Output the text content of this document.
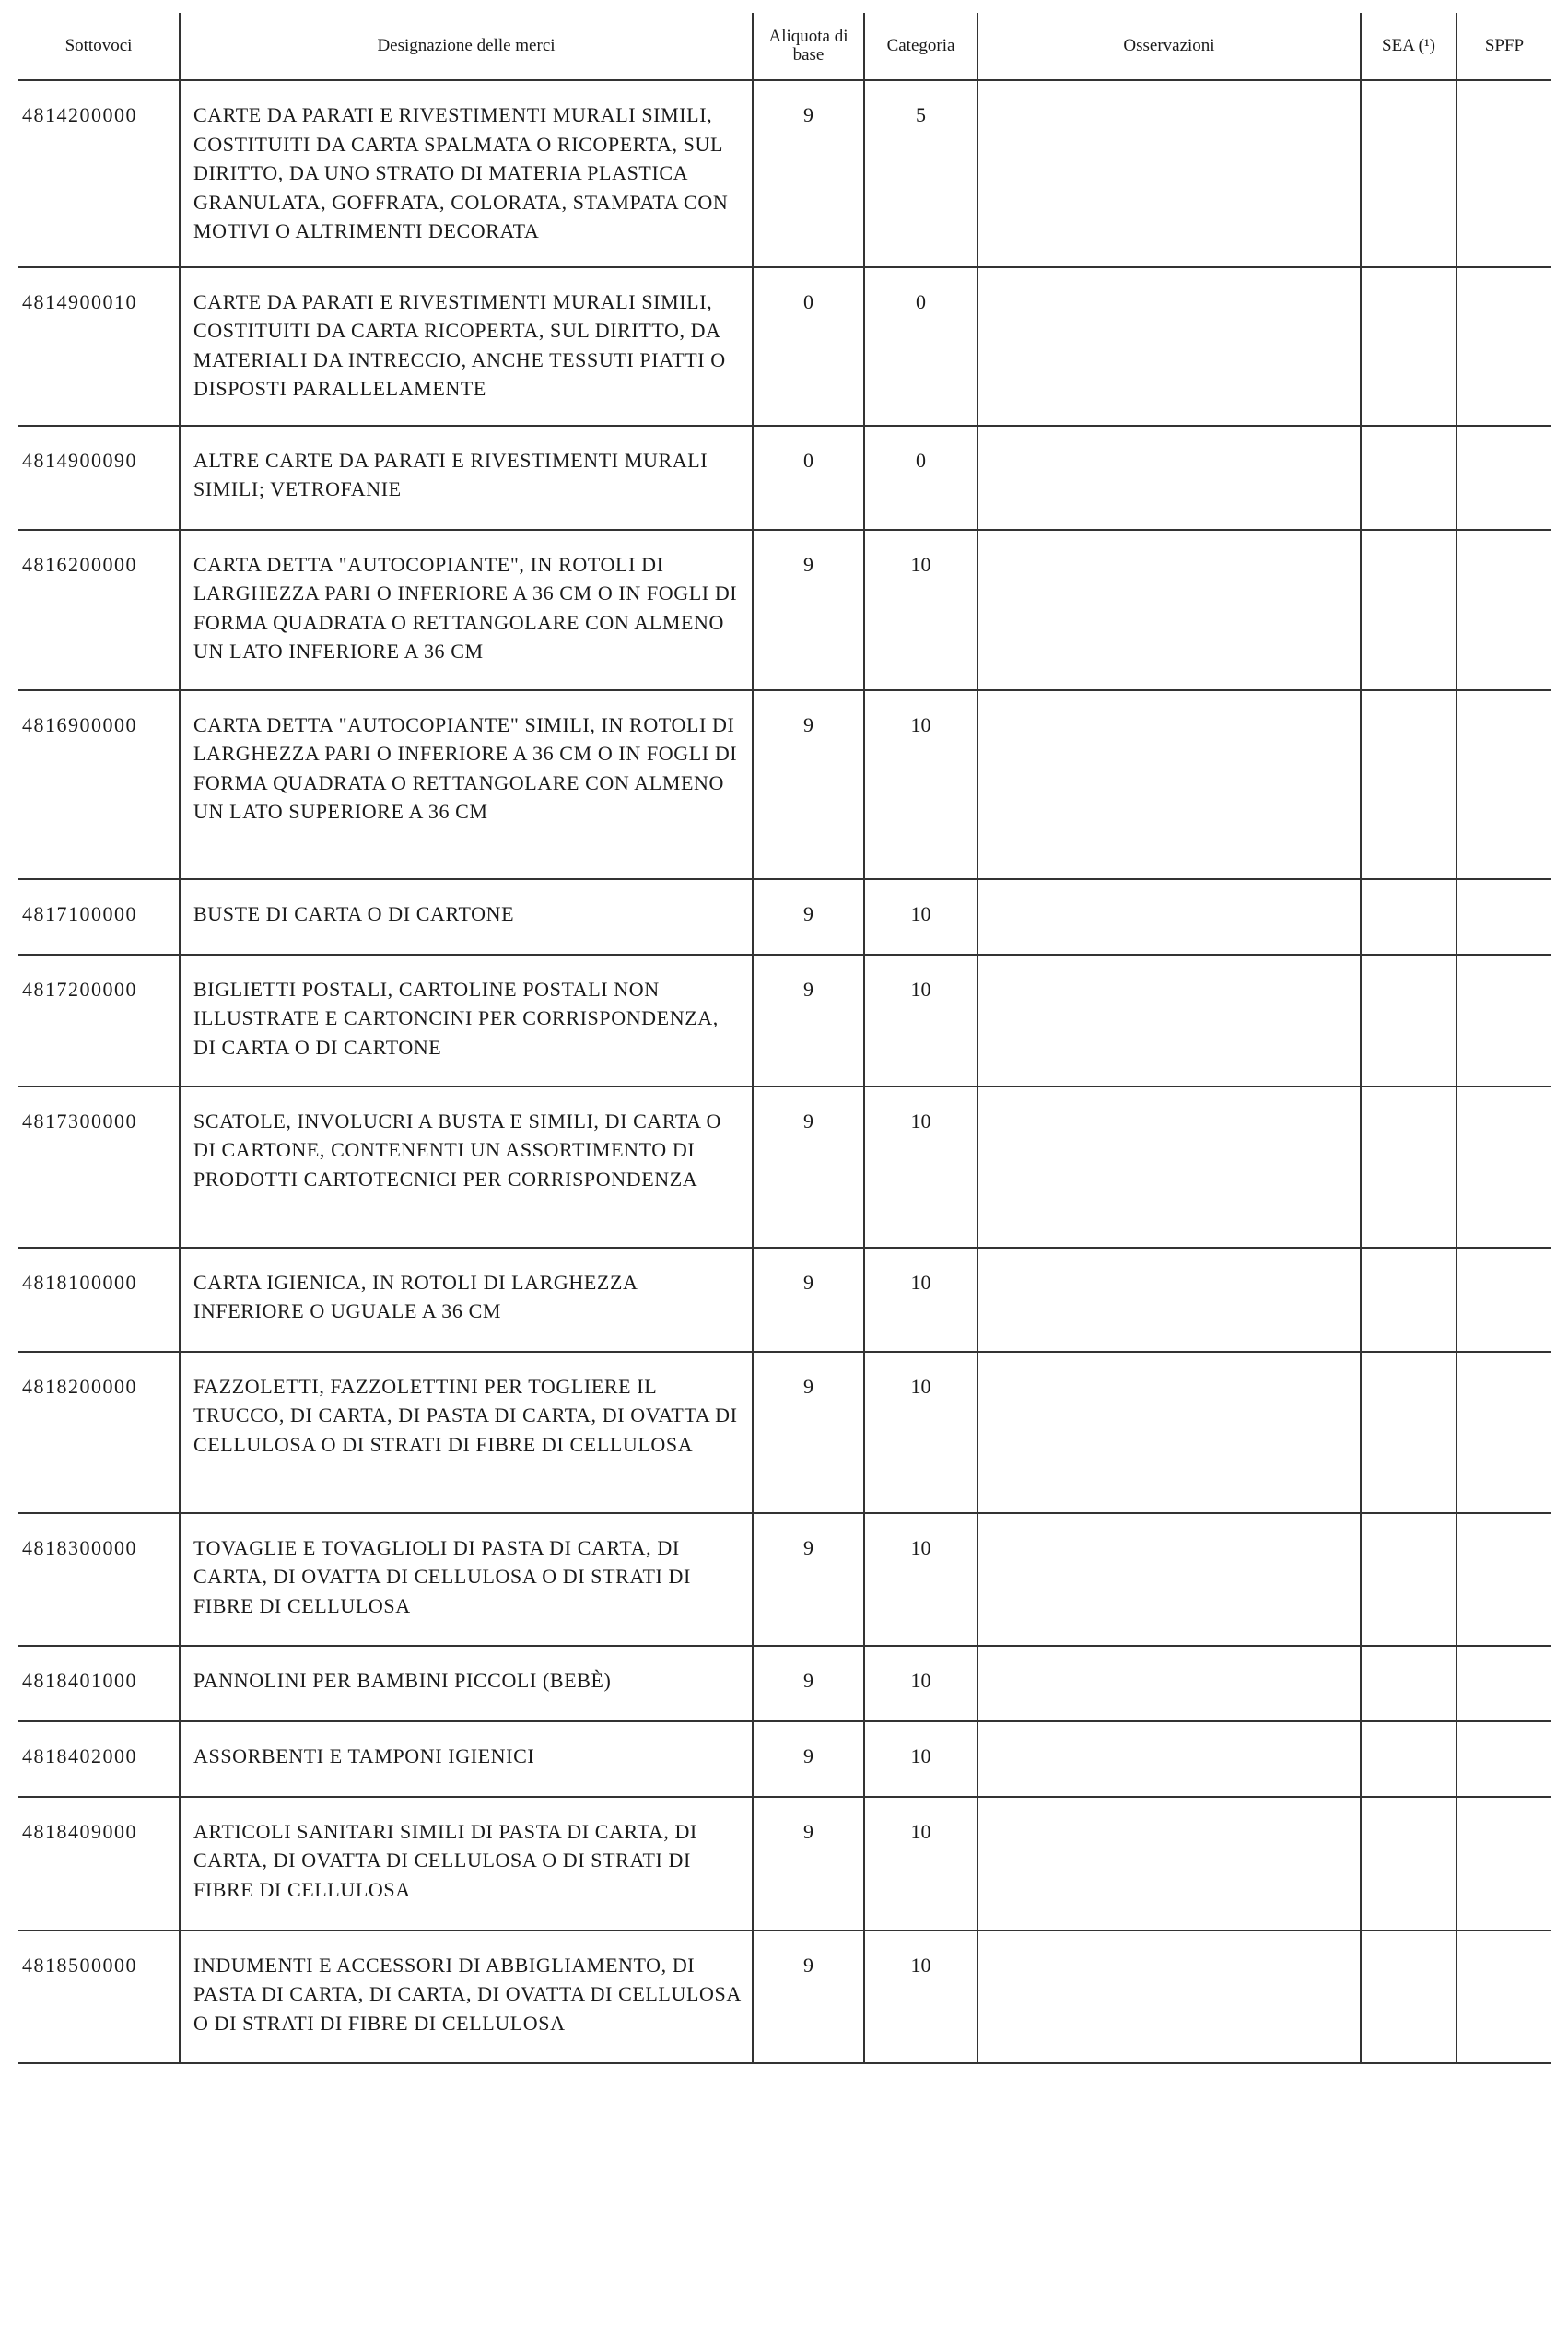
Sottovoci	Designazione delle merci	Aliquota di base	Categoria	Osservazioni	SEA (¹)	SPFP
4814200000	CARTE DA PARATI E RIVESTIMENTI MURALI SIMILI, COSTITUITI DA CARTA SPALMATA O RICOPERTA, SUL DIRITTO, DA UNO STRATO DI MATERIA PLASTICA GRANULATA, GOFFRATA, COLORATA, STAMPATA CON MOTIVI O ALTRIMENTI DECORATA	9	5			
4814900010	CARTE DA PARATI E RIVESTIMENTI MURALI SIMILI, COSTITUITI DA CARTA RICOPERTA, SUL DIRITTO, DA MATERIALI DA INTRECCIO, ANCHE TESSUTI PIATTI O DISPOSTI PARALLELAMENTE	0	0			
4814900090	ALTRE CARTE DA PARATI E RIVESTIMENTI MURALI SIMILI; VETROFANIE	0	0			
4816200000	CARTA DETTA "AUTOCOPIANTE", IN ROTOLI DI LARGHEZZA PARI O INFERIORE A 36 CM O IN FOGLI DI FORMA QUADRATA O RETTANGOLARE CON ALMENO UN LATO INFERIORE A 36 CM	9	10			
4816900000	CARTA DETTA "AUTOCOPIANTE" SIMILI, IN ROTOLI DI LARGHEZZA PARI O INFERIORE A 36 CM O IN FOGLI DI FORMA QUADRATA O RETTANGOLARE CON ALMENO UN LATO SUPERIORE A 36 CM	9	10			
4817100000	BUSTE DI CARTA O DI CARTONE	9	10			
4817200000	BIGLIETTI POSTALI, CARTOLINE POSTALI NON ILLUSTRATE E CARTONCINI PER CORRISPONDENZA, DI CARTA O DI CARTONE	9	10			
4817300000	SCATOLE, INVOLUCRI A BUSTA E SIMILI, DI CARTA O DI CARTONE, CONTENENTI UN ASSORTIMENTO DI PRODOTTI CARTOTECNICI PER CORRISPONDENZA	9	10			
4818100000	CARTA IGIENICA, IN ROTOLI DI LARGHEZZA INFERIORE O UGUALE A 36 CM	9	10			
4818200000	FAZZOLETTI, FAZZOLETTINI PER TOGLIERE IL TRUCCO, DI CARTA, DI PASTA DI CARTA, DI OVATTA DI CELLULOSA O DI STRATI DI FIBRE DI CELLULOSA	9	10			
4818300000	TOVAGLIE E TOVAGLIOLI DI PASTA DI CARTA, DI CARTA, DI OVATTA DI CELLULOSA O DI STRATI DI FIBRE DI CELLULOSA	9	10			
4818401000	PANNOLINI PER BAMBINI PICCOLI (BEBÈ)	9	10			
4818402000	ASSORBENTI E TAMPONI IGIENICI	9	10			
4818409000	ARTICOLI SANITARI SIMILI DI PASTA DI CARTA, DI CARTA, DI OVATTA DI CELLULOSA O DI STRATI DI FIBRE DI CELLULOSA	9	10			
4818500000	INDUMENTI E ACCESSORI DI ABBIGLIAMENTO, DI PASTA DI CARTA, DI CARTA, DI OVATTA DI CELLULOSA O DI STRATI DI FIBRE DI CELLULOSA	9	10			
